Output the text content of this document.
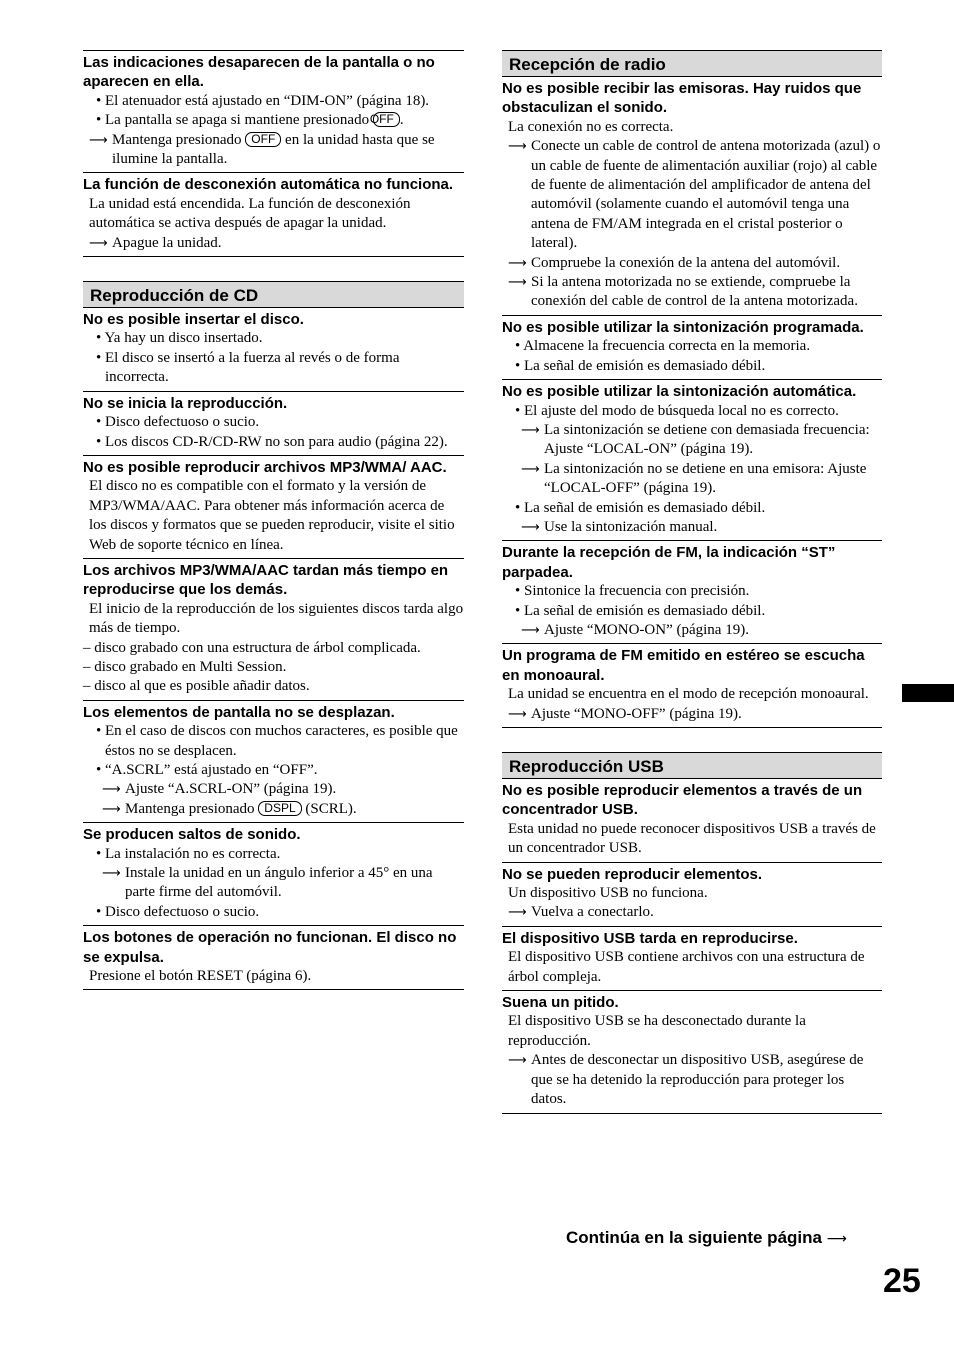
Las indicaciones desaparecen de la pantalla o no aparecen en ella.
• El atenuador está ajustado en “DIM-ON” (página 18).
• La pantalla se apaga si mantiene presionado OFF .
⟶ Mantenga presionado OFF en la unidad hasta que se ilumine la pantalla.
La función de desconexión automática no funciona.
La unidad está encendida. La función de desconexión automática se activa después de apagar la unidad.
⟶ Apague la unidad.
Reproducción de CD
No es posible insertar el disco.
• Ya hay un disco insertado.
• El disco se insertó a la fuerza al revés o de forma incorrecta.
No se inicia la reproducción.
• Disco defectuoso o sucio.
• Los discos CD-R/CD-RW no son para audio (página 22).
No es posible reproducir archivos MP3/WMA/ AAC.
El disco no es compatible con el formato y la versión de MP3/WMA/AAC. Para obtener más información acerca de los discos y formatos que se pueden reproducir, visite el sitio Web de soporte técnico en línea.
Los archivos MP3/WMA/AAC tardan más tiempo en reproducirse que los demás.
El inicio de la reproducción de los siguientes discos tarda algo más de tiempo.
– disco grabado con una estructura de árbol complicada.
– disco grabado en Multi Session.
– disco al que es posible añadir datos.
Los elementos de pantalla no se desplazan.
• En el caso de discos con muchos caracteres, es posible que éstos no se desplacen.
• “A.SCRL” está ajustado en “OFF”.
⟶ Ajuste “A.SCRL-ON” (página 19).
⟶ Mantenga presionado DSPL (SCRL).
Se producen saltos de sonido.
• La instalación no es correcta.
⟶ Instale la unidad en un ángulo inferior a 45° en una parte firme del automóvil.
• Disco defectuoso o sucio.
Los botones de operación no funcionan. El disco no se expulsa.
Presione el botón RESET (página 6).
Recepción de radio
No es posible recibir las emisoras. Hay ruidos que obstaculizan el sonido.
La conexión no es correcta.
⟶ Conecte un cable de control de antena motorizada (azul) o un cable de fuente de alimentación auxiliar (rojo) al cable de fuente de alimentación del amplificador de antena del automóvil (solamente cuando el automóvil tenga una antena de FM/AM integrada en el cristal posterior o lateral).
⟶ Compruebe la conexión de la antena del automóvil.
⟶ Si la antena motorizada no se extiende, compruebe la conexión del cable de control de la antena motorizada.
No es posible utilizar la sintonización programada.
• Almacene la frecuencia correcta en la memoria.
• La señal de emisión es demasiado débil.
No es posible utilizar la sintonización automática.
• El ajuste del modo de búsqueda local no es correcto.
⟶ La sintonización se detiene con demasiada frecuencia: Ajuste “LOCAL-ON” (página 19).
⟶ La sintonización no se detiene en una emisora: Ajuste “LOCAL-OFF” (página 19).
• La señal de emisión es demasiado débil.
⟶ Use la sintonización manual.
Durante la recepción de FM, la indicación “ST” parpadea.
• Sintonice la frecuencia con precisión.
• La señal de emisión es demasiado débil.
⟶ Ajuste “MONO-ON” (página 19).
Un programa de FM emitido en estéreo se escucha en monoaural.
La unidad se encuentra en el modo de recepción monoaural.
⟶ Ajuste “MONO-OFF” (página 19).
Reproducción USB
No es posible reproducir elementos a través de un concentrador USB.
Esta unidad no puede reconocer dispositivos USB a través de un concentrador USB.
No se pueden reproducir elementos.
Un dispositivo USB no funciona.
⟶ Vuelva a conectarlo.
El dispositivo USB tarda en reproducirse.
El dispositivo USB contiene archivos con una estructura de árbol compleja.
Suena un pitido.
El dispositivo USB se ha desconectado durante la reproducción.
⟶ Antes de desconectar un dispositivo USB, asegúrese de que se ha detenido la reproducción para proteger los datos.
Continúa en la siguiente página ⟶
25
